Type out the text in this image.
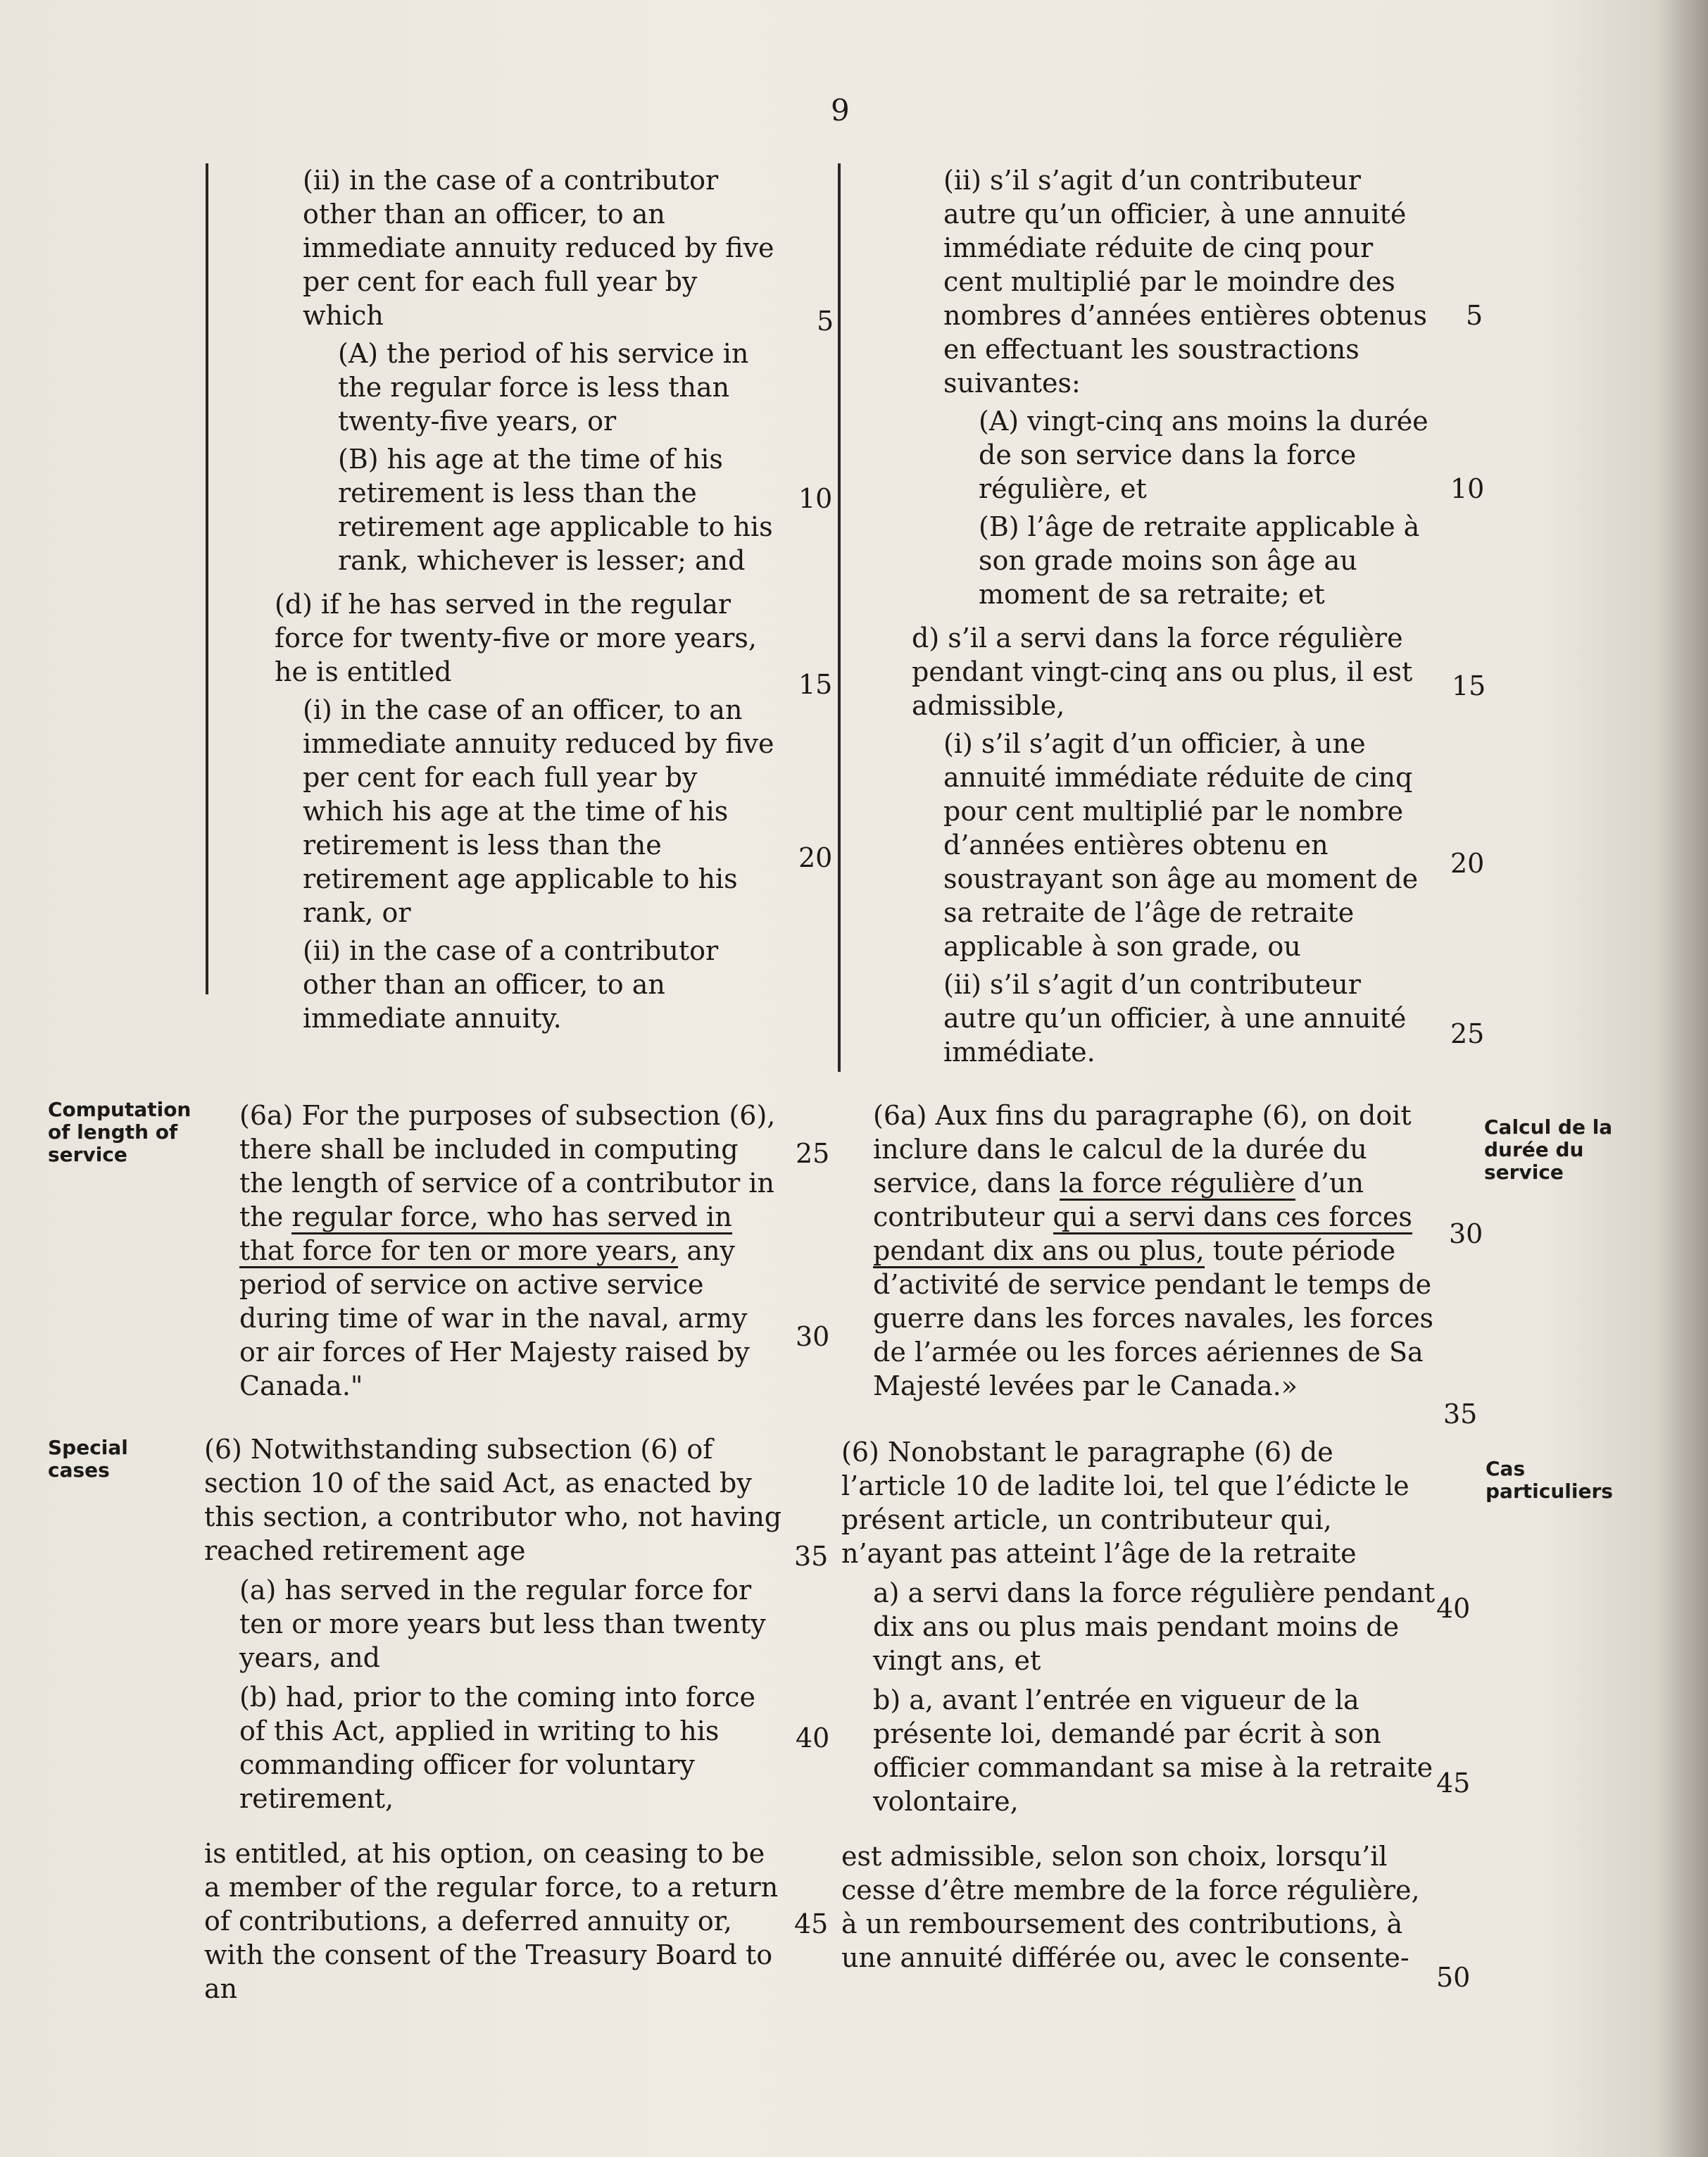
9

(ii) in the case of a contributor other than an officer, to an immediate annuity reduced by five per cent for each full year by which

(A) the period of his service in the regular force is less than twenty-five years, or

(B) his age at the time of his retirement is less than the retirement age applicable to his rank, whichever is lesser; and

(d) if he has served in the regular force for twenty-five or more years, he is entitled

(i) in the case of an officer, to an immediate annuity reduced by five per cent for each full year by which his age at the time of his retirement is less than the retirement age applicable to his rank, or

(ii) in the case of a contributor other than an officer, to an immediate annuity.

(ii) s’il s’agit d’un contributeur autre qu’un officier, à une annuité immédiate réduite de cinq pour cent multiplié par le moindre des nombres d’années entières obtenus en effectuant les soustractions suivantes:

(A) vingt-cinq ans moins la durée de son service dans la force régulière, et

(B) l’âge de retraite applicable à son grade moins son âge au moment de sa retraite; et

d) s’il a servi dans la force régulière pendant vingt-cinq ans ou plus, il est admissible,

(i) s’il s’agit d’un officier, à une annuité immédiate réduite de cinq pour cent multiplié par le nombre d’années entières obtenu en soustrayant son âge au moment de sa retraite de l’âge de retraite applicable à son grade, ou

(ii) s’il s’agit d’un contributeur autre qu’un officier, à une annuité immédiate.

Computation of length of service
Special cases
Calcul de la durée du service
Cas particuliers

(6a) For the purposes of subsection (6), there shall be included in computing the length of service of a contributor in the regular force, who has served in that force for ten or more years, any period of service on active service during time of war in the naval, army or air forces of Her Majesty raised by Canada."

(6a) Aux fins du paragraphe (6), on doit inclure dans le calcul de la durée du service, dans la force régulière d’un contributeur qui a servi dans ces forces pendant dix ans ou plus, toute période d’activité de service pendant le temps de guerre dans les forces navales, les forces de l’armée ou les forces aériennes de Sa Majesté levées par le Canada.»

(6) Notwithstanding subsection (6) of section 10 of the said Act, as enacted by this section, a contributor who, not having reached retirement age

(a) has served in the regular force for ten or more years but less than twenty years, and

(b) had, prior to the coming into force of this Act, applied in writing to his commanding officer for voluntary retirement,

is entitled, at his option, on ceasing to be a member of the regular force, to a return of contributions, a deferred annuity or, with the consent of the Treasury Board to an

(6) Nonobstant le paragraphe (6) de l’article 10 de ladite loi, tel que l’édicte le présent article, un contributeur qui, n’ayant pas atteint l’âge de la retraite

a) a servi dans la force régulière pendant dix ans ou plus mais pendant moins de vingt ans, et

b) a, avant l’entrée en vigueur de la présente loi, demandé par écrit à son officier commandant sa mise à la retraite volontaire,

est admissible, selon son choix, lorsqu’il cesse d’être membre de la force régulière, à un remboursement des contributions, à une annuité différée ou, avec le consente-

5
10
15
20
25
30
35
40
45
5
10
15
20
25
30
35
40
45
50
